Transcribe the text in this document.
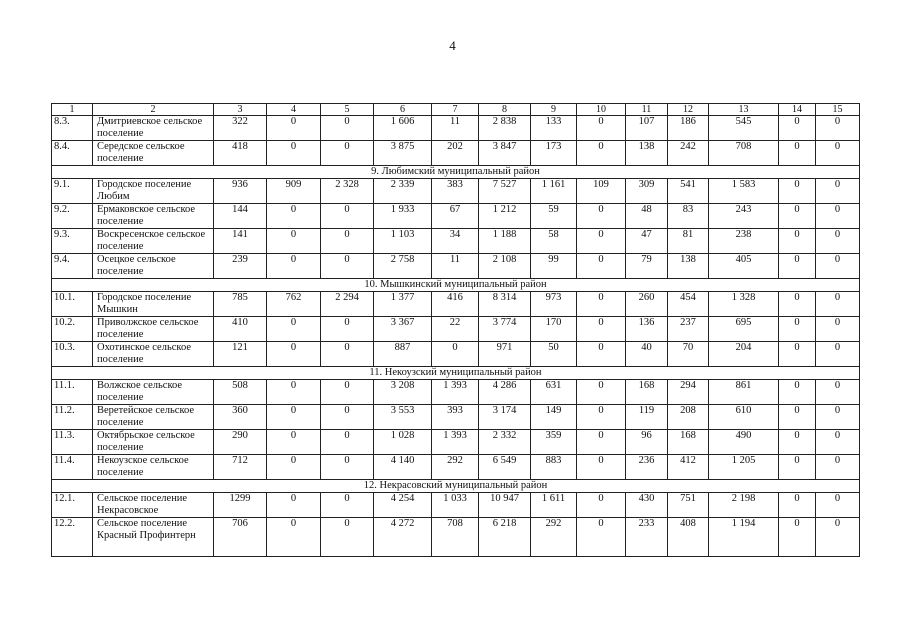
4
1	2	3	4	5	6	7	8	9	10	11	12	13	14	15
8.3.	Дмитриевское сельское поселение	322	0	0	1 606	11	2 838	133	0	107	186	545	0	0
8.4.	Середское сельское поселение	418	0	0	3 875	202	3 847	173	0	138	242	708	0	0
9. Любимский муниципальный район														
9.1.	Городское поселение Любим	936	909	2 328	2 339	383	7 527	1 161	109	309	541	1 583	0	0
9.2.	Ермаковское сельское поселение	144	0	0	1 933	67	1 212	59	0	48	83	243	0	0
9.3.	Воскресенское сельское поселение	141	0	0	1 103	34	1 188	58	0	47	81	238	0	0
9.4.	Осецкое сельское поселение	239	0	0	2 758	11	2 108	99	0	79	138	405	0	0
10. Мышкинский муниципальный район														
10.1.	Городское поселение Мышкин	785	762	2 294	1 377	416	8 314	973	0	260	454	1 328	0	0
10.2.	Приволжское сельское поселение	410	0	0	3 367	22	3 774	170	0	136	237	695	0	0
10.3.	Охотинское сельское поселение	121	0	0	887	0	971	50	0	40	70	204	0	0
11. Некоузский муниципальный район														
11.1.	Волжское сельское поселение	508	0	0	3 208	1 393	4 286	631	0	168	294	861	0	0
11.2.	Веретейское сельское поселение	360	0	0	3 553	393	3 174	149	0	119	208	610	0	0
11.3.	Октябрьское сельское поселение	290	0	0	1 028	1 393	2 332	359	0	96	168	490	0	0
11.4.	Некоузское сельское поселение	712	0	0	4 140	292	6 549	883	0	236	412	1 205	0	0
12. Некрасовский муниципальный район														
12.1.	Сельское поселение Некрасовское	1299	0	0	4 254	1 033	10 947	1 611	0	430	751	2 198	0	0
12.2.	Сельское поселение Красный Профинтерн	706	0	0	4 272	708	6 218	292	0	233	408	1 194	0	0
